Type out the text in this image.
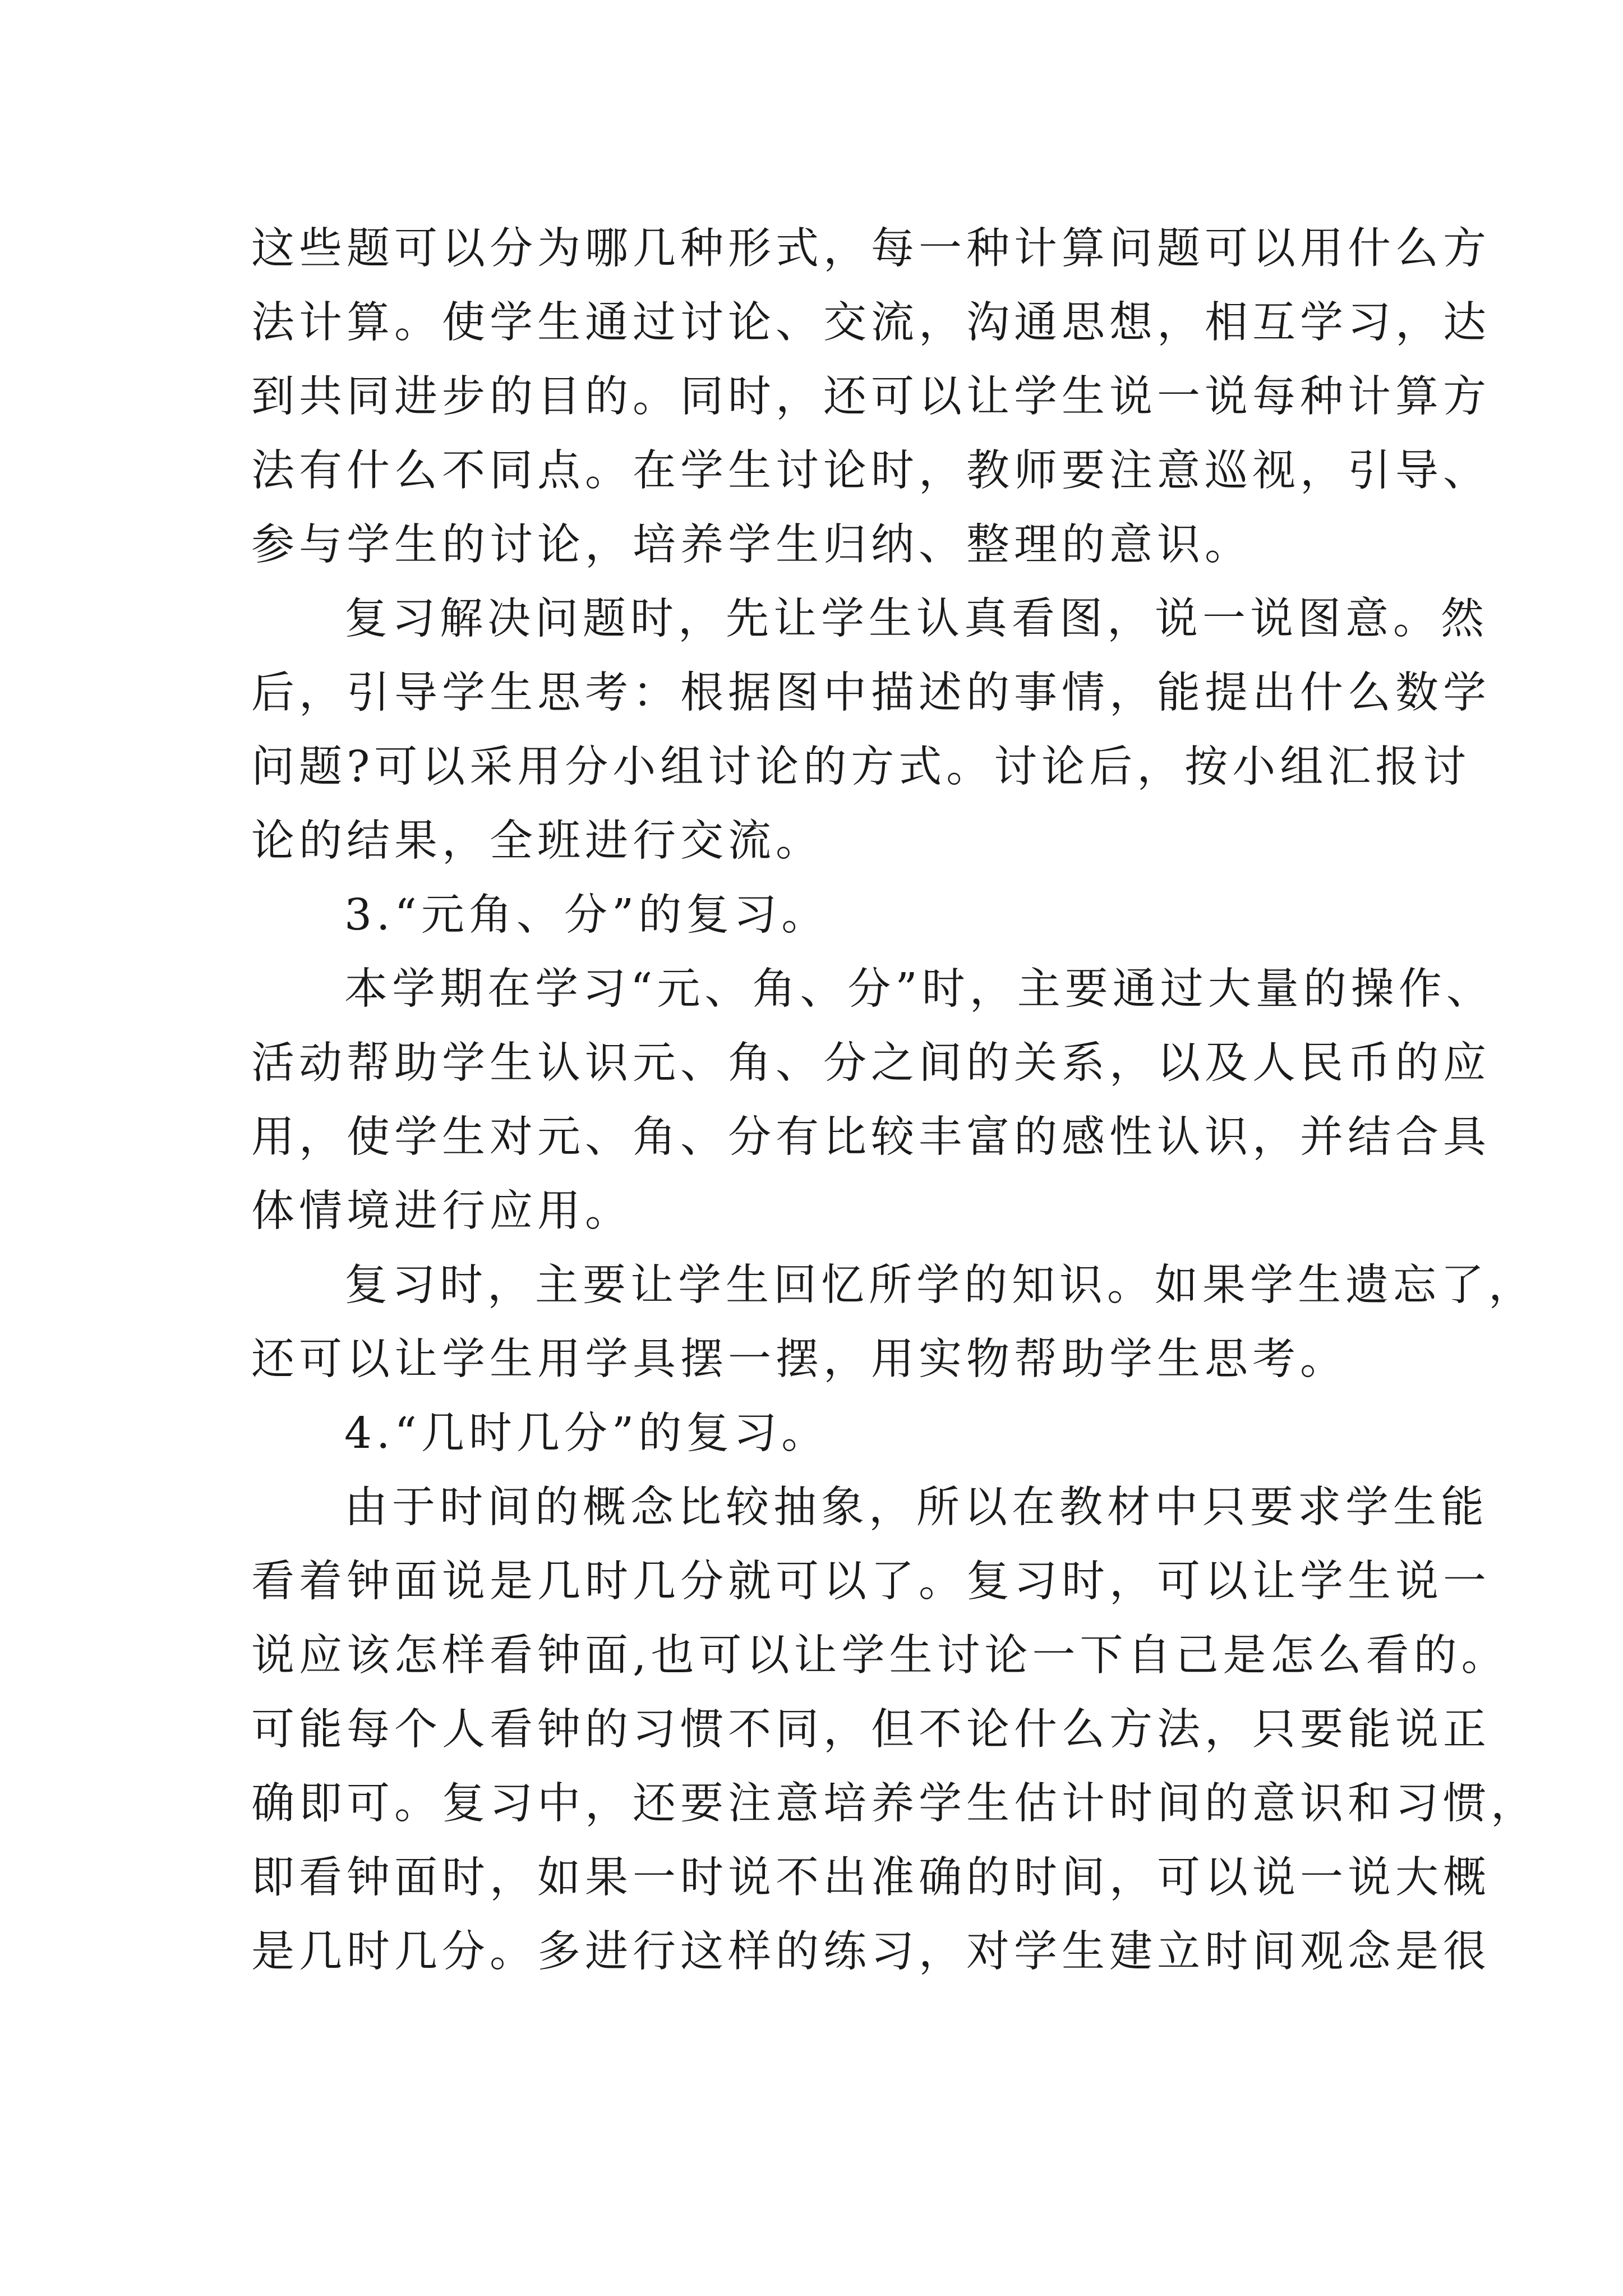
这些题可以分为哪几种形式，每一种计算问题可以用什么方
法计算。使学生通过讨论、交流，沟通思想，相互学习，达
到共同进步的目的。同时，还可以让学生说一说每种计算方
法有什么不同点。在学生讨论时，教师要注意巡视，引导、
参与学生的讨论，培养学生归纳、整理的意识。
复习解决问题时，先让学生认真看图，说一说图意。然
后，引导学生思考：根据图中描述的事情，能提出什么数学
问题?可以采用分小组讨论的方式。讨论后，按小组汇报讨
论的结果，全班进行交流。
3.“元角、分”的复习。
本学期在学习“元、角、分”时，主要通过大量的操作、
活动帮助学生认识元、角、分之间的关系，以及人民币的应
用，使学生对元、角、分有比较丰富的感性认识，并结合具
体情境进行应用。
复习时，主要让学生回忆所学的知识。如果学生遗忘了，
还可以让学生用学具摆一摆，用实物帮助学生思考。
4.“几时几分”的复习。
由于时间的概念比较抽象，所以在教材中只要求学生能
看着钟面说是几时几分就可以了。复习时，可以让学生说一
说应该怎样看钟面,也可以让学生讨论一下自己是怎么看的。
可能每个人看钟的习惯不同，但不论什么方法，只要能说正
确即可。复习中，还要注意培养学生估计时间的意识和习惯，
即看钟面时，如果一时说不出准确的时间，可以说一说大概
是几时几分。多进行这样的练习，对学生建立时间观念是很
